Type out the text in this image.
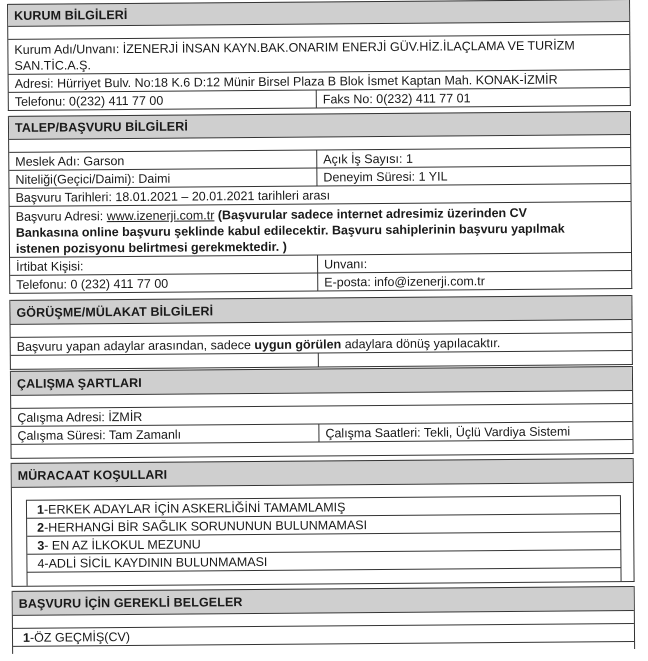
KURUM BİLGİLERİ
Kurum Adı/Unvanı: İZENERJİ İNSAN KAYN.BAK.ONARIM ENERJİ GÜV.HİZ.İLAÇLAMA VE TURİZM
SAN.TİC.A.Ş.
Adresi: Hürriyet Bulv. No:18 K.6 D:12 Münir Birsel Plaza B Blok İsmet Kaptan Mah. KONAK-İZMİR
Telefonu: 0(232) 411 77 00	Faks No: 0(232) 411 77 01
TALEP/BAŞVURU BİLGİLERİ
Meslek Adı: Garson	Açık İş Sayısı: 1
Niteliği(Geçici/Daimi): Daimi	Deneyim Süresi: 1 YIL
Başvuru Tarihleri: 18.01.2021 – 20.01.2021 tarihleri arası
Başvuru Adresi: www.izenerji.com.tr (Başvurular sadece internet adresimiz üzerinden CV
Bankasına online başvuru şeklinde kabul edilecektir. Başvuru sahiplerinin başvuru yapılmak
istenen pozisyonu belirtmesi gerekmektedir. )
İrtibat Kişisi:	Unvanı:
Telefonu: 0 (232) 411 77 00	E-posta: info@izenerji.com.tr
GÖRÜŞME/MÜLAKAT BİLGİLERİ
Başvuru yapan adaylar arasından, sadece uygun görülen adaylara dönüş yapılacaktır.
ÇALIŞMA ŞARTLARI
Çalışma Adresi: İZMİR
Çalışma Süresi: Tam Zamanlı	Çalışma Saatleri: Tekli, Üçlü Vardiya Sistemi
MÜRACAAT KOŞULLARI
1-ERKEK ADAYLAR İÇİN ASKERLİĞİNİ TAMAMLAMIŞ
2-HERHANGİ BİR SAĞLIK SORUNUNUN BULUNMAMASI
3- EN AZ İLKOKUL MEZUNU
4-ADLİ SİCİL KAYDININ BULUNMAMASI
BAŞVURU İÇİN GEREKLİ BELGELER
1-ÖZ GEÇMİŞ(CV)
